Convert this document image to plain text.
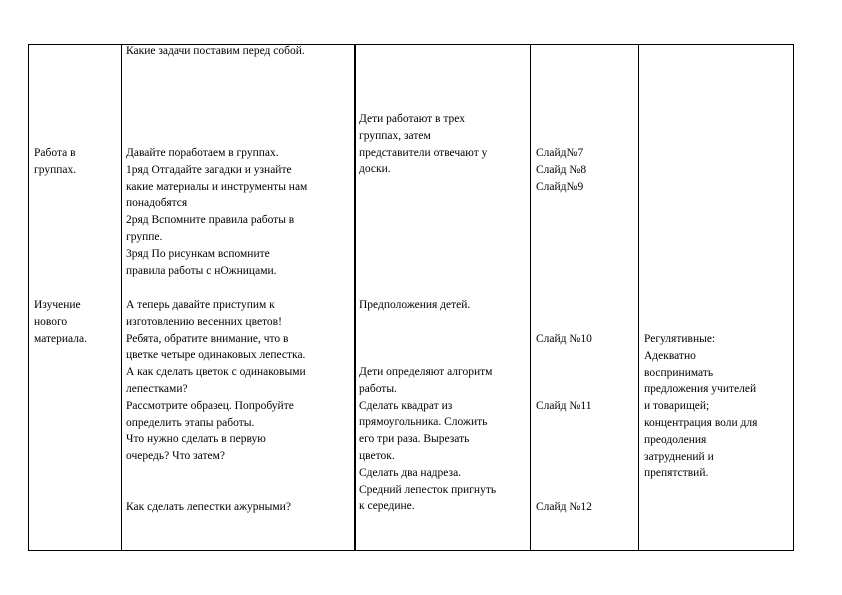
Работа в
группах.
Изучение
нового
материала.
Какие задачи поставим перед собой.
Давайте поработаем в группах.
1ряд Отгадайте загадки и узнайте
какие материалы и инструменты нам
понадобятся
2ряд Вспомните правила работы в
группе.
3ряд По рисункам вспомните
правила работы с нОжницами.
А теперь давайте приступим к
изготовлению весенних цветов!
Ребята, обратите внимание, что в
цветке четыре одинаковых лепестка.
А как сделать цветок с одинаковыми
лепестками?
Рассмотрите образец. Попробуйте
определить этапы работы.
Что нужно сделать в первую
очередь? Что затем?
Как сделать лепестки ажурными?
Дети работают в трех
группах, затем
представители отвечают у
доски.
Предположения детей.
Дети определяют алгоритм
работы.
Сделать квадрат из
прямоугольника. Сложить
его три раза. Вырезать
цветок.
Сделать два надреза.
Средний лепесток пригнуть
к середине.
Слайд№7
Слайд №8
Слайд№9
Слайд №10
Слайд №11
Слайд №12
Регулятивные:
Адекватно
воспринимать
предложения учителей
и товарищей;
концентрация воли для
преодоления
затруднений и
препятствий.
